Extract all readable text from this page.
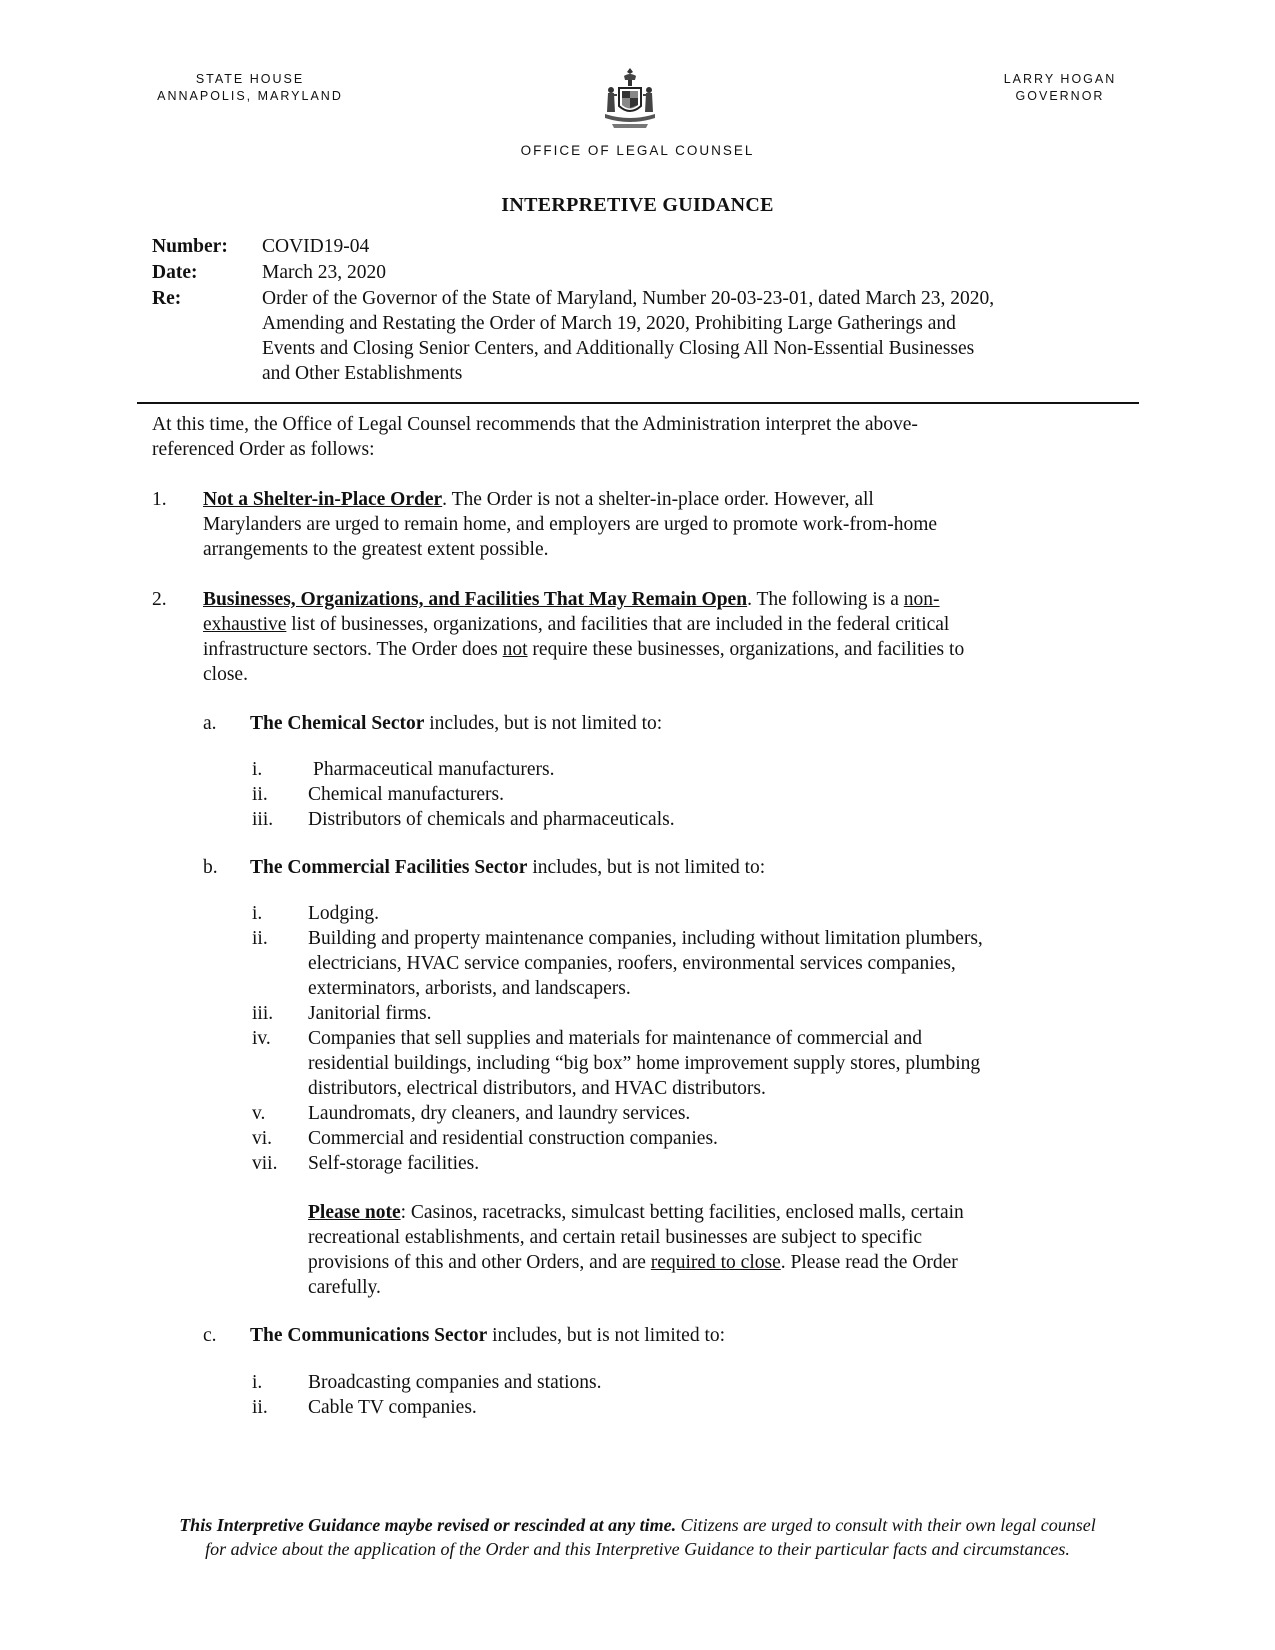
STATE HOUSE
ANNAPOLIS, MARYLAND
LARRY HOGAN
GOVERNOR
OFFICE OF LEGAL COUNSEL
INTERPRETIVE GUIDANCE
Number: COVID19-04
Date:	March 23, 2020
Re:	Order of the Governor of the State of Maryland, Number 20-03-23-01, dated March 23, 2020,
Amending and Restating the Order of March 19, 2020, Prohibiting Large Gatherings and
Events and Closing Senior Centers, and Additionally Closing All Non-Essential Businesses
and Other Establishments
At this time, the Office of Legal Counsel recommends that the Administration interpret the above-
referenced Order as follows:
1. Not a Shelter-in-Place Order. The Order is not a shelter-in-place order. However, all
Marylanders are urged to remain home, and employers are urged to promote work-from-home
arrangements to the greatest extent possible.
2. Businesses, Organizations, and Facilities That May Remain Open. The following is a non-
exhaustive list of businesses, organizations, and facilities that are included in the federal critical
infrastructure sectors. The Order does not require these businesses, organizations, and facilities to
close.
a. The Chemical Sector includes, but is not limited to:
i.	Pharmaceutical manufacturers.
ii. Chemical manufacturers.
iii. Distributors of chemicals and pharmaceuticals.
b. The Commercial Facilities Sector includes, but is not limited to:
i. Lodging.
ii. Building and property maintenance companies, including without limitation plumbers,
electricians, HVAC service companies, roofers, environmental services companies,
exterminators, arborists, and landscapers.
iii. Janitorial firms.
iv. Companies that sell supplies and materials for maintenance of commercial and
residential buildings, including “big box” home improvement supply stores, plumbing
distributors, electrical distributors, and HVAC distributors.
v. Laundromats, dry cleaners, and laundry services.
vi. Commercial and residential construction companies.
vii. Self-storage facilities.
Please note: Casinos, racetracks, simulcast betting facilities, enclosed malls, certain
recreational establishments, and certain retail businesses are subject to specific
provisions of this and other Orders, and are required to close. Please read the Order
carefully.
c. The Communications Sector includes, but is not limited to:
i. Broadcasting companies and stations.
ii. Cable TV companies.
This Interpretive Guidance maybe revised or rescinded at any time. Citizens are urged to consult with their own legal counsel
for advice about the application of the Order and this Interpretive Guidance to their particular facts and circumstances.
